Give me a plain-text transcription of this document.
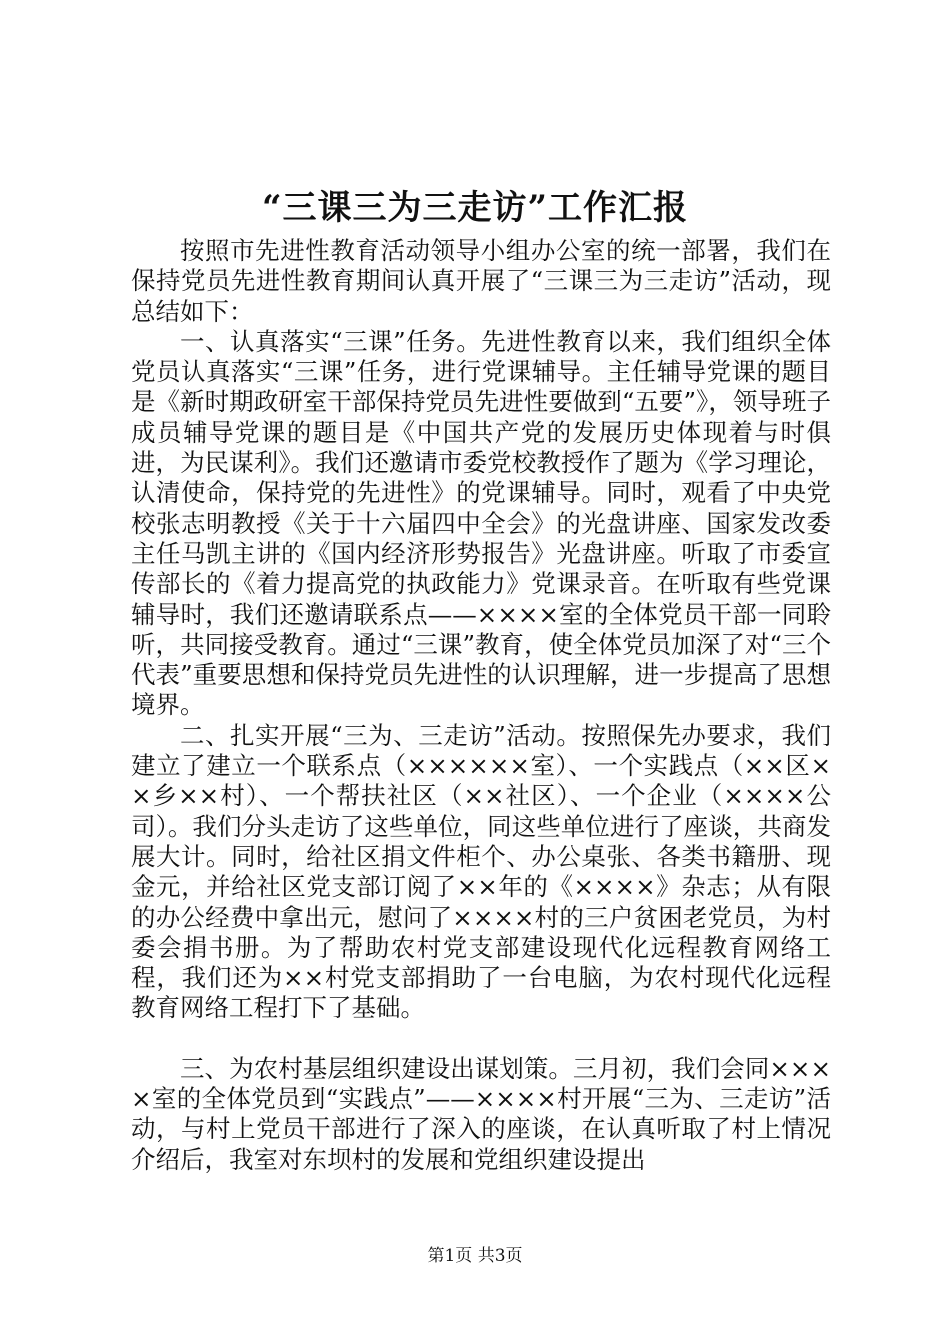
“三课三为三走访”工作汇报

按照市先进性教育活动领导小组办公室的统一部署，我们在保持党员先进性教育期间认真开展了“三课三为三走访”活动，现总结如下：

一、认真落实“三课”任务。先进性教育以来，我们组织全体党员认真落实“三课”任务，进行党课辅导。主任辅导党课的题目是《新时期政研室干部保持党员先进性要做到“五要”》，领导班子成员辅导党课的题目是《中国共产党的发展历史体现着与时俱进，为民谋利》。我们还邀请市委党校教授作了题为《学习理论，认清使命，保持党的先进性》的党课辅导。同时，观看了中央党校张志明教授《关于十六届四中全会》的光盘讲座、国家发改委主任马凯主讲的《国内经济形势报告》光盘讲座。听取了市委宣传部长的《着力提高党的执政能力》党课录音。在听取有些党课辅导时，我们还邀请联系点——××××室的全体党员干部一同聆听，共同接受教育。通过“三课”教育，使全体党员加深了对“三个代表”重要思想和保持党员先进性的认识理解，进一步提高了思想境界。

二、扎实开展“三为、三走访”活动。按照保先办要求，我们建立了建立一个联系点（××××××室）、一个实践点（××区××乡××村）、一个帮扶社区（××社区）、一个企业（××××公司）。我们分头走访了这些单位，同这些单位进行了座谈，共商发展大计。同时，给社区捐文件柜个、办公桌张、各类书籍册、现金元，并给社区党支部订阅了××年的《××××》杂志；从有限的办公经费中拿出元，慰问了××××村的三户贫困老党员，为村委会捐书册。为了帮助农村党支部建设现代化远程教育网络工程，我们还为××村党支部捐助了一台电脑，为农村现代化远程教育网络工程打下了基础。

三、为农村基层组织建设出谋划策。三月初，我们会同××××室的全体党员到“实践点”——××××村开展“三为、三走访”活动，与村上党员干部进行了深入的座谈，在认真听取了村上情况介绍后，我室对东坝村的发展和党组织建设提出

第1页 共3页
